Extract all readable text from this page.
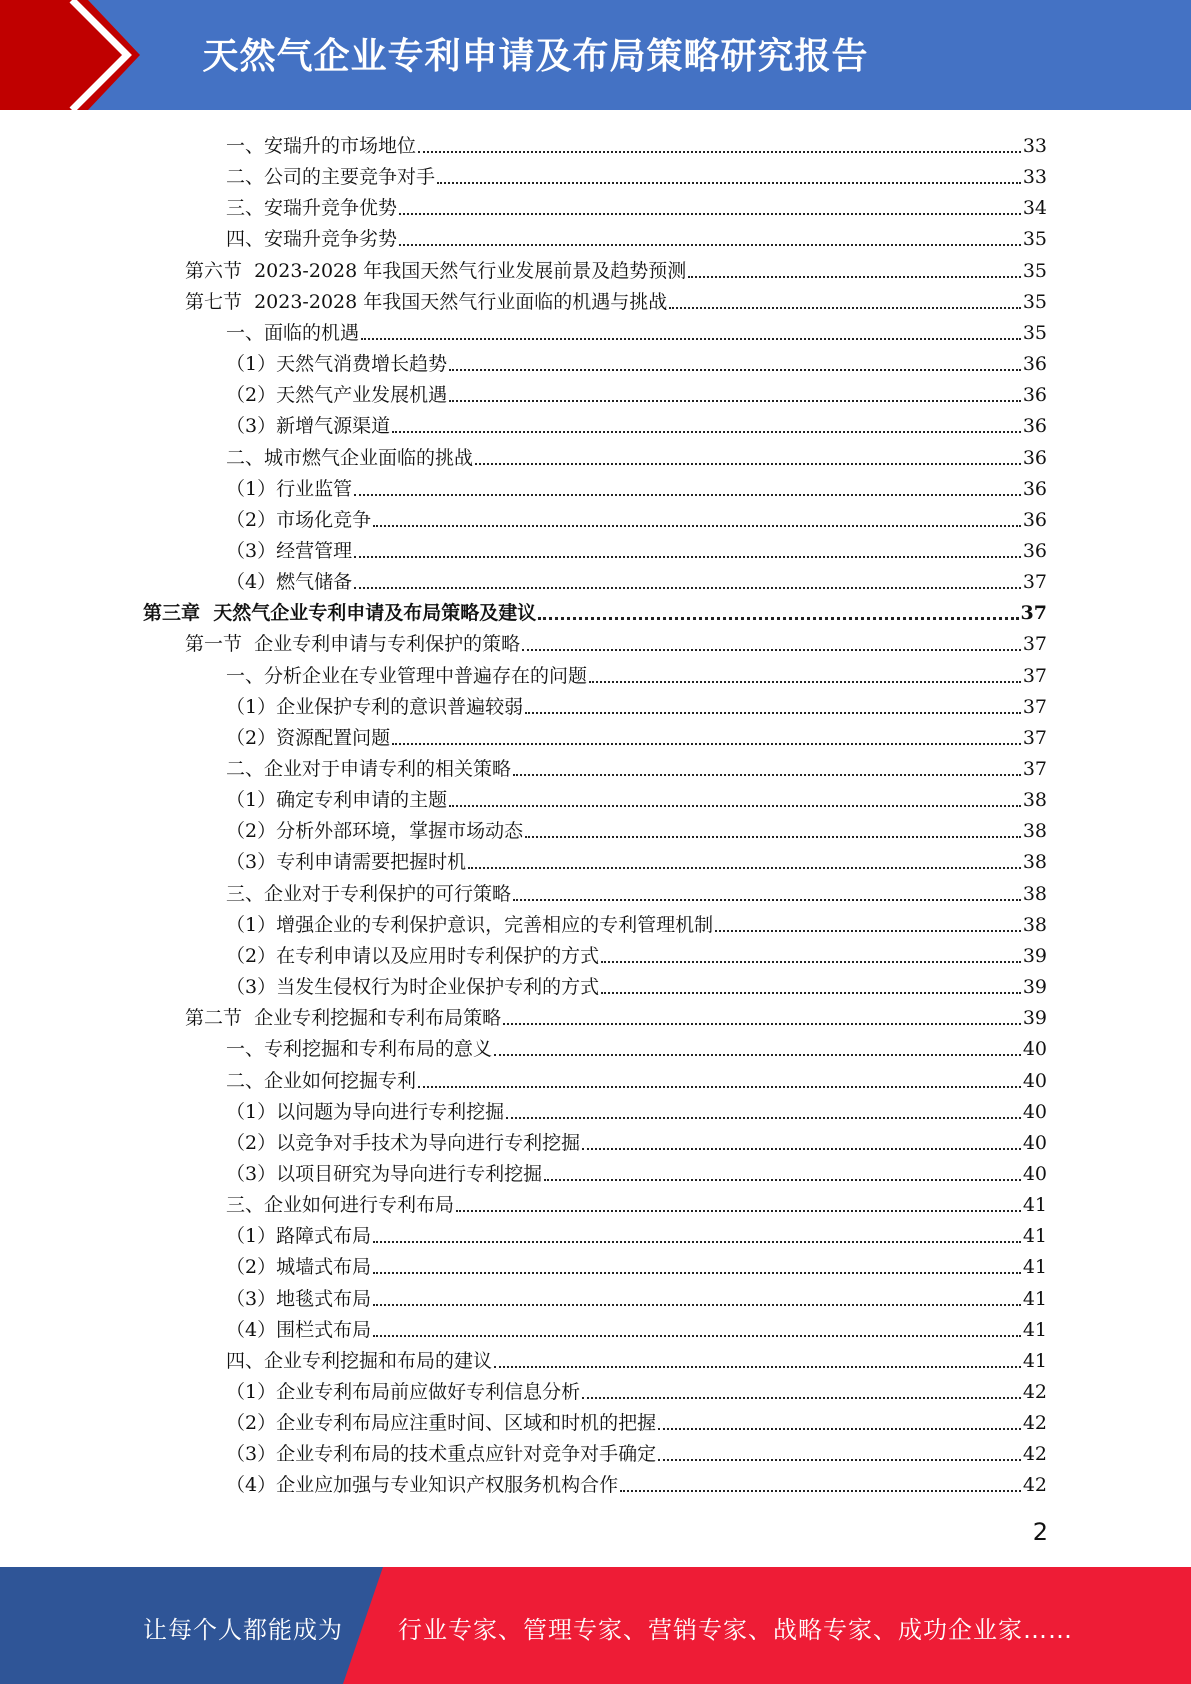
天然气企业专利申请及布局策略研究报告
一、安瑞升的市场地位	33
二、公司的主要竞争对手	33
三、安瑞升竞争优势	34
四、安瑞升竞争劣势	35
第六节  2023-2028 年我国天然气行业发展前景及趋势预测	35
第七节  2023-2028 年我国天然气行业面临的机遇与挑战	35
一、面临的机遇	35
（1）天然气消费增长趋势	36
（2）天然气产业发展机遇	36
（3）新增气源渠道	36
二、城市燃气企业面临的挑战	36
（1）行业监管	36
（2）市场化竞争	36
（3）经营管理	36
（4）燃气储备	37
第三章  天然气企业专利申请及布局策略及建议	37
第一节  企业专利申请与专利保护的策略	37
一、分析企业在专业管理中普遍存在的问题	37
（1）企业保护专利的意识普遍较弱	37
（2）资源配置问题	37
二、企业对于申请专利的相关策略	37
（1）确定专利申请的主题	38
（2）分析外部环境，掌握市场动态	38
（3）专利申请需要把握时机	38
三、企业对于专利保护的可行策略	38
（1）增强企业的专利保护意识，完善相应的专利管理机制	38
（2）在专利申请以及应用时专利保护的方式	39
（3）当发生侵权行为时企业保护专利的方式	39
第二节  企业专利挖掘和专利布局策略	39
一、专利挖掘和专利布局的意义	40
二、企业如何挖掘专利	40
（1）以问题为导向进行专利挖掘	40
（2）以竞争对手技术为导向进行专利挖掘	40
（3）以项目研究为导向进行专利挖掘	40
三、企业如何进行专利布局	41
（1）路障式布局	41
（2）城墙式布局	41
（3）地毯式布局	41
（4）围栏式布局	41
四、企业专利挖掘和布局的建议	41
（1）企业专利布局前应做好专利信息分析	42
（2）企业专利布局应注重时间、区域和时机的把握	42
（3）企业专利布局的技术重点应针对竞争对手确定	42
（4）企业应加强与专业知识产权服务机构合作	42
2
让每个人都能成为 行业专家、管理专家、营销专家、战略专家、成功企业家……
